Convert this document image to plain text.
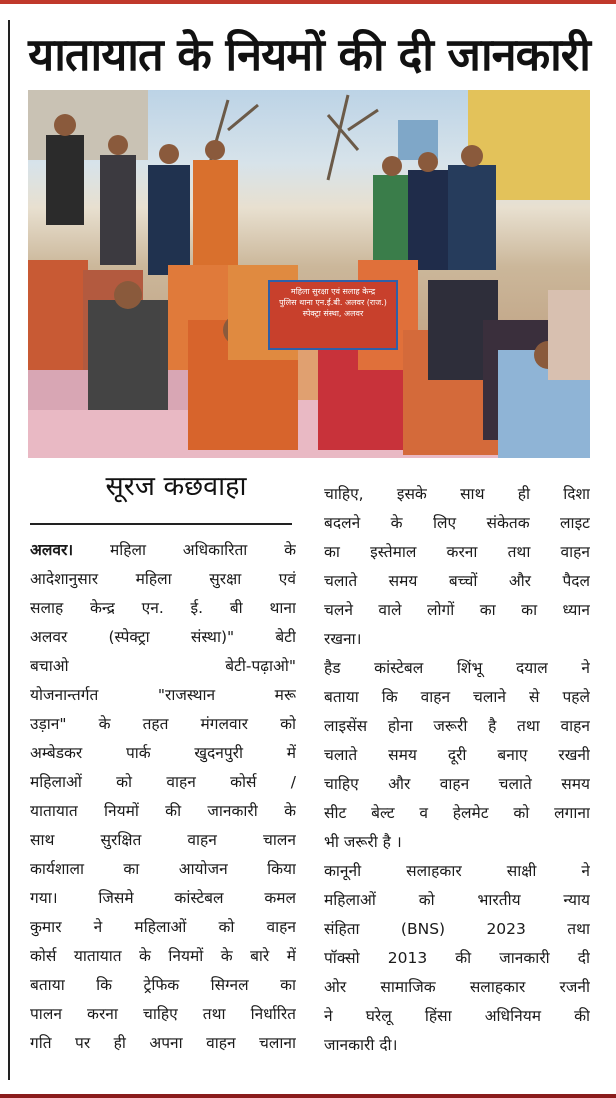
यातायात के नियमों की दी जानकारी
महिला सुरक्षा एवं सलाह केन्द्र
पुलिस थाना एन.ई.बी. अलवर (राज.)
स्पेक्ट्रा संस्था, अलवर
सूरज कछवाहा
अलवर। महिला अधिकारिता के
आदेशानुसार महिला सुरक्षा एवं
सलाह केन्द्र एन. ई. बी थाना
अलवर (स्पेक्ट्रा संस्था)" बेटी
बचाओ बेटी-पढ़ाओ"
योजनान्तर्गत "राजस्थान मरू
उड़ान" के तहत मंगलवार को
अम्बेडकर पार्क खुदनपुरी में
महिलाओं को वाहन कोर्स /
यातायात नियमों की जानकारी के
साथ सुरक्षित वाहन चालन
कार्यशाला का आयोजन किया
गया। जिसमे कांस्टेबल कमल
कुमार ने महिलाओं को वाहन
कोर्स यातायात के नियमों के बारे में
बताया कि ट्रेफिक सिग्नल का
पालन करना चाहिए तथा निर्धारित
गति पर ही अपना वाहन चलाना
चाहिए, इसके साथ ही दिशा
बदलने के लिए संकेतक लाइट
का इस्तेमाल करना तथा वाहन
चलाते समय बच्चों और पैदल
चलने वाले लोगों का का ध्यान
रखना।
हैड कांस्टेबल शिंभू दयाल ने
बताया कि वाहन चलाने से पहले
लाइसेंस होना जरूरी है तथा वाहन
चलाते समय दूरी बनाए रखनी
चाहिए और वाहन चलाते समय
सीट बेल्ट व हेलमेट को लगाना
भी जरूरी है ।
कानूनी सलाहकार साक्षी ने
महिलाओं को भारतीय न्याय
संहिता (BNS) 2023 तथा
पॉक्सो 2013 की जानकारी दी
ओर सामाजिक सलाहकार रजनी
ने घरेलू हिंसा अधिनियम की
जानकारी दी।
